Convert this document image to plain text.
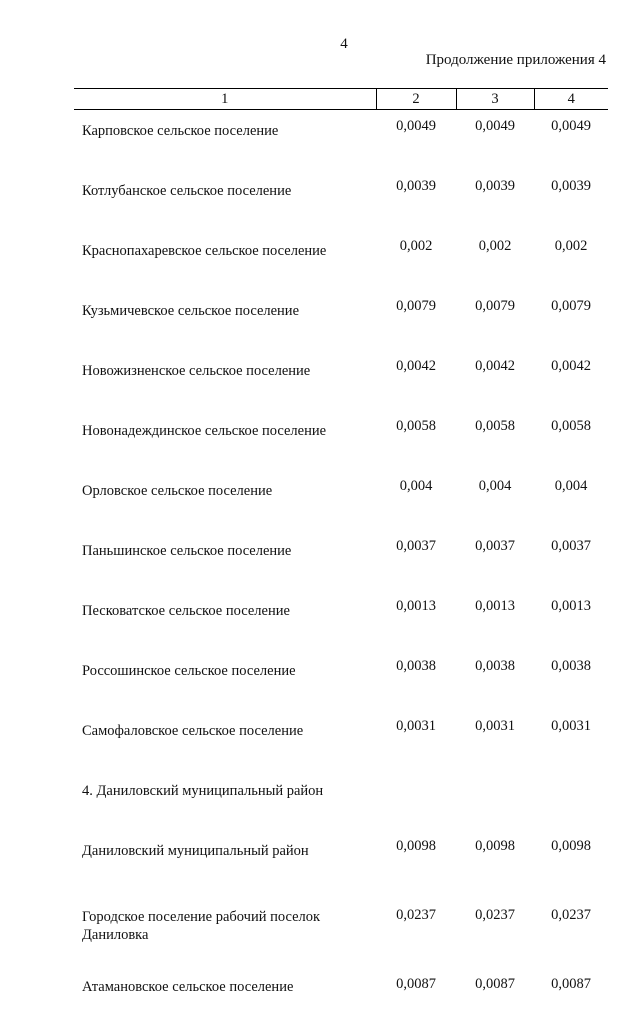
4
Продолжение приложения 4
1	2	3	4
Карповское сельское поселение	0,0049	0,0049	0,0049
Котлубанское сельское поселение	0,0039	0,0039	0,0039
Краснопахаревское сельское поселение	0,002	0,002	0,002
Кузьмичевское сельское поселение	0,0079	0,0079	0,0079
Новожизненское сельское поселение	0,0042	0,0042	0,0042
Новонадеждинское сельское поселение	0,0058	0,0058	0,0058
Орловское сельское поселение	0,004	0,004	0,004
Паньшинское сельское поселение	0,0037	0,0037	0,0037
Песковатское сельское поселение	0,0013	0,0013	0,0013
Россошинское сельское поселение	0,0038	0,0038	0,0038
Самофаловское сельское поселение	0,0031	0,0031	0,0031
4. Даниловский муниципальный район			
Даниловский муниципальный район	0,0098	0,0098	0,0098
Городское поселение рабочий поселок Даниловка	0,0237	0,0237	0,0237
Атамановское сельское поселение	0,0087	0,0087	0,0087
